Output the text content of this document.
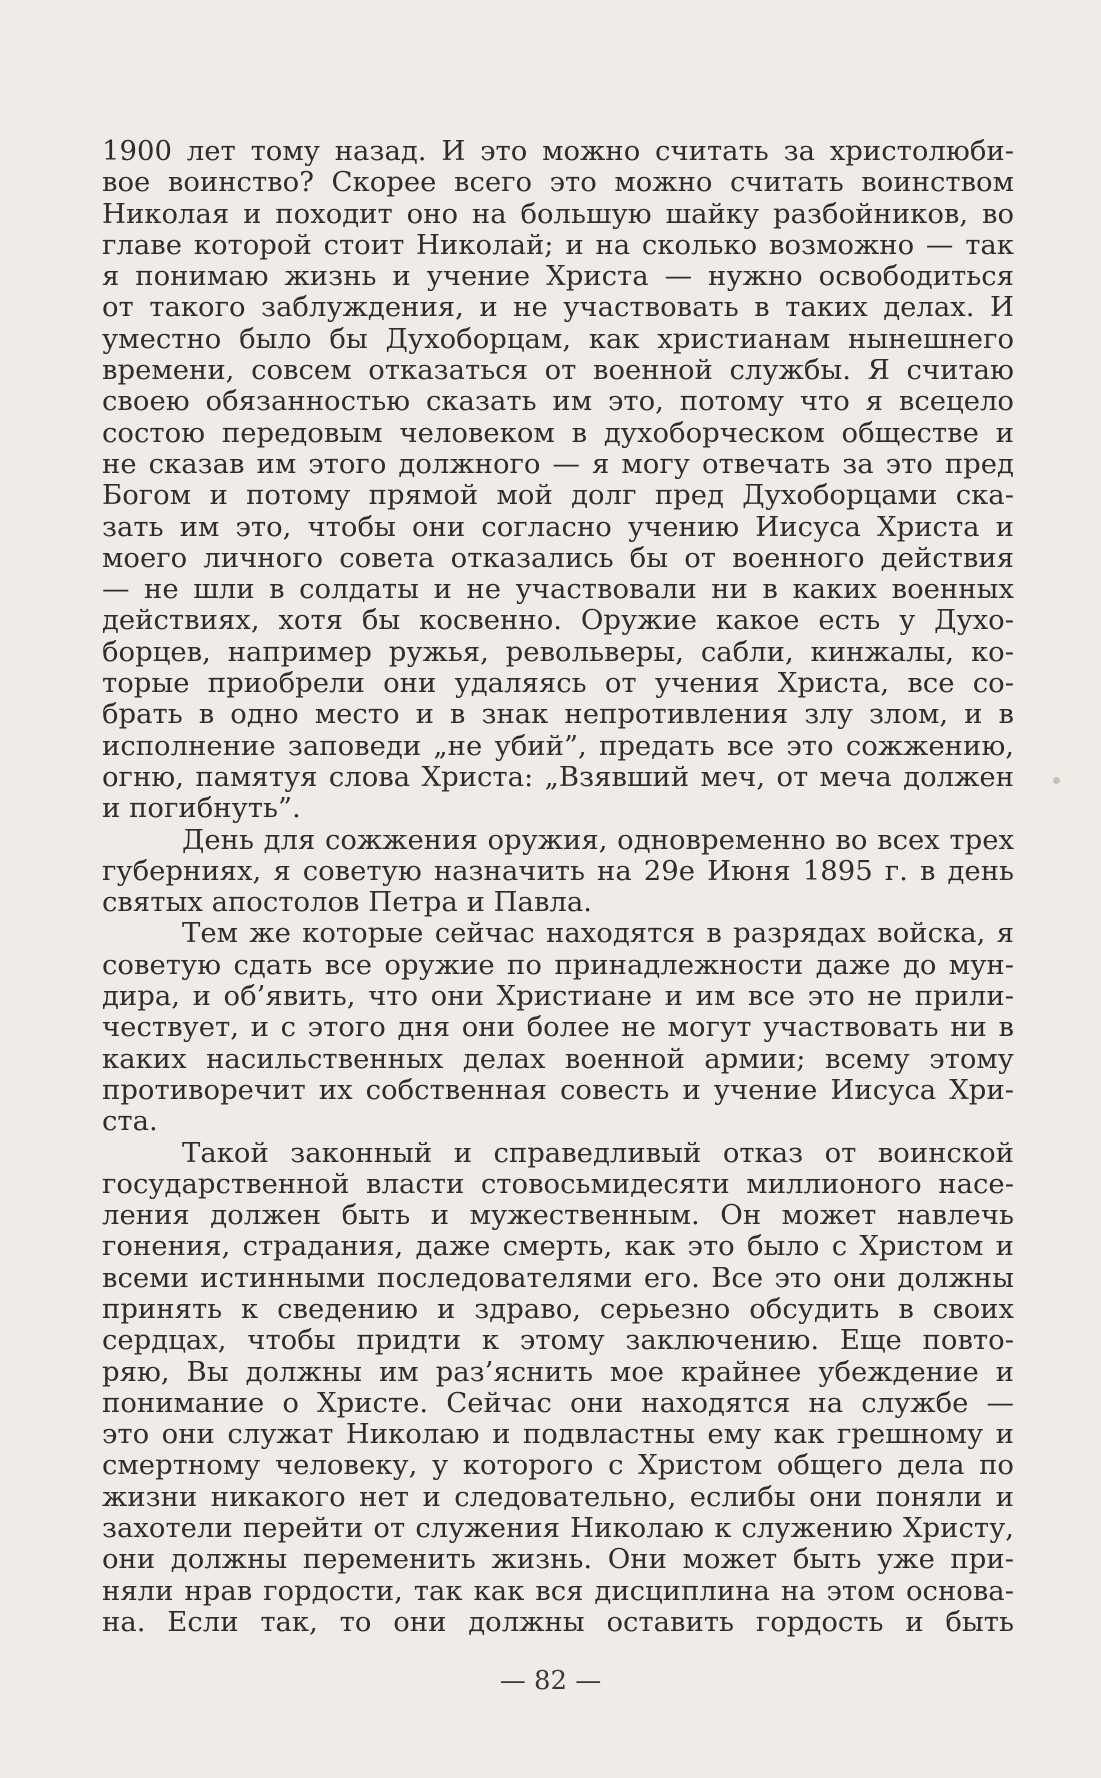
1900 лет тому назад. И это можно считать за христолюби-
вое воинство? Скорее всего это можно считать воинством
Николая и походит оно на большую шайку разбойников, во
главе которой стоит Николай; и на сколько возможно — так
я понимаю жизнь и учение Христа — нужно освободиться
от такого заблуждения, и не участвовать в таких делах. И
уместно было бы Духоборцам, как христианам нынешнего
времени, совсем отказаться от военной службы. Я считаю
своею обязанностью сказать им это, потому что я всецело
состою передовым человеком в духоборческом обществе и
не сказав им этого должного — я могу отвечать за это пред
Богом и потому прямой мой долг пред Духоборцами ска-
зать им это, чтобы они согласно учению Иисуса Христа и
моего личного совета отказались бы от военного действия
— не шли в солдаты и не участвовали ни в каких военных
действиях, хотя бы косвенно. Оружие какое есть у Духо-
борцев, например ружья, револьверы, сабли, кинжалы, ко-
торые приобрели они удаляясь от учения Христа, все со-
брать в одно место и в знак непротивления злу злом, и в
исполнение заповеди „не убий”, предать все это сожжению,
огню, памятуя слова Христа: „Взявший меч, от меча должен
и погибнуть”.
День для сожжения оружия, одновременно во всех трех
губерниях, я советую назначить на 29е Июня 1895 г. в день
святых апостолов Петра и Павла.
Тем же которые сейчас находятся в разрядах войска, я
советую сдать все оружие по принадлежности даже до мун-
дира, и об’явить, что они Христиане и им все это не прили-
чествует, и с этого дня они более не могут участвовать ни в
каких насильственных делах военной армии; всему этому
противоречит их собственная совесть и учение Иисуса Хри-
ста.
Такой законный и справедливый отказ от воинской
государственной власти стовосьмидесяти миллионого насе-
ления должен быть и мужественным. Он может навлечь
гонения, страдания, даже смерть, как это было с Христом и
всеми истинными последователями его. Все это они должны
принять к сведению и здраво, серьезно обсудить в своих
сердцах, чтобы придти к этому заключению. Еще повто-
ряю, Вы должны им раз’яснить мое крайнее убеждение и
понимание о Христе. Сейчас они находятся на службе —
это они служат Николаю и подвластны ему как грешному и
смертному человеку, у которого с Христом общего дела по
жизни никакого нет и следовательно, еслибы они поняли и
захотели перейти от служения Николаю к служению Христу,
они должны переменить жизнь. Они может быть уже при-
няли нрав гордости, так как вся дисциплина на этом основа-
на. Если так, то они должны оставить гордость и быть
— 82 —
